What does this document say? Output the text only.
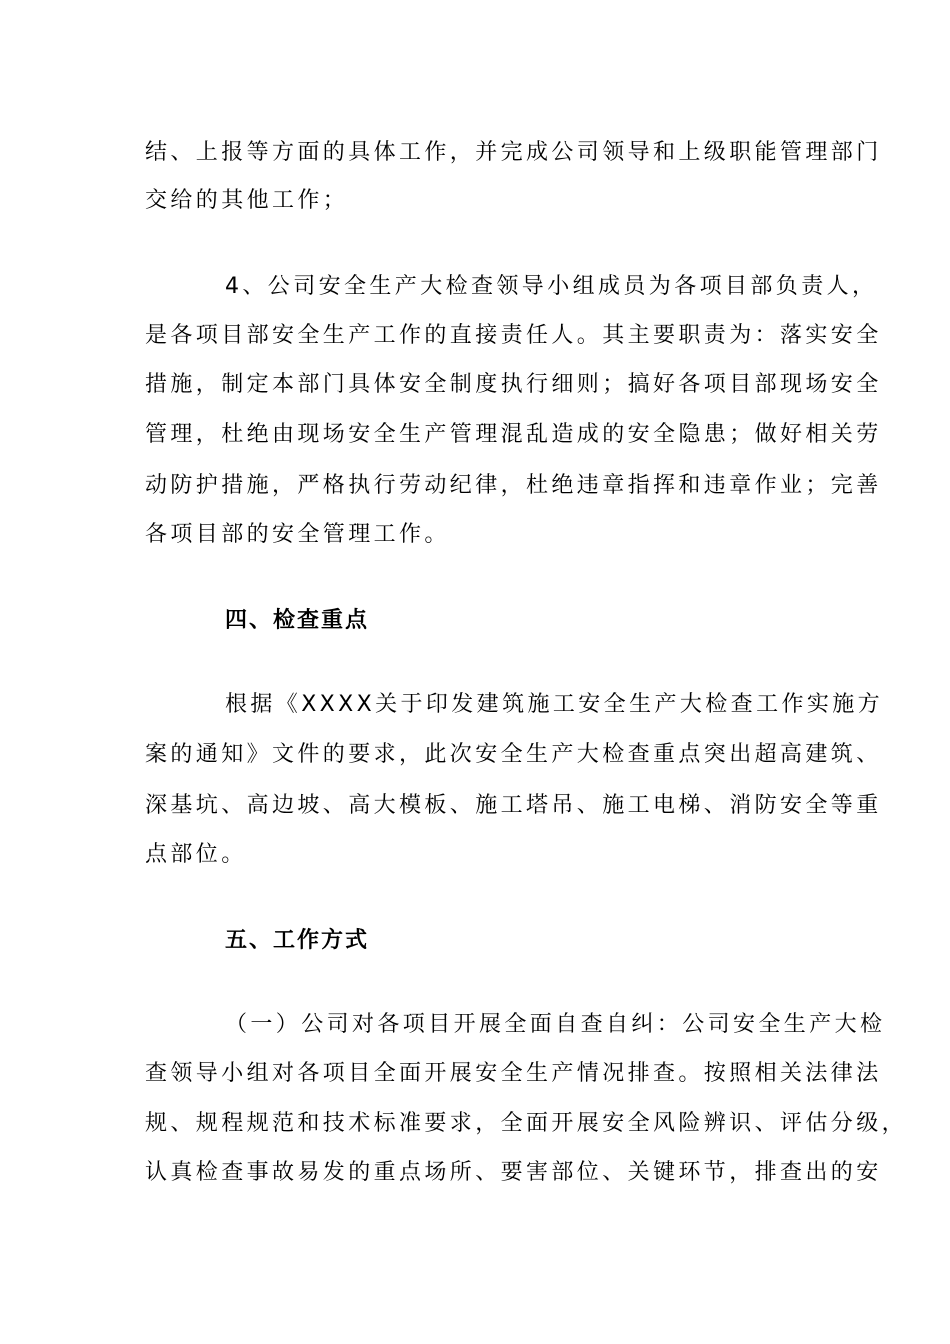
结、上报等方面的具体工作，并完成公司领导和上级职能管理部门
交给的其他工作；
4、公司安全生产大检查领导小组成员为各项目部负责人，
是各项目部安全生产工作的直接责任人。其主要职责为：落实安全
措施，制定本部门具体安全制度执行细则；搞好各项目部现场安全
管理，杜绝由现场安全生产管理混乱造成的安全隐患；做好相关劳
动防护措施，严格执行劳动纪律，杜绝违章指挥和违章作业；完善
各项目部的安全管理工作。
四、检查重点
根据《XXXX关于印发建筑施工安全生产大检查工作实施方
案的通知》文件的要求，此次安全生产大检查重点突出超高建筑、
深基坑、高边坡、高大模板、施工塔吊、施工电梯、消防安全等重
点部位。
五、工作方式
（一）公司对各项目开展全面自查自纠：公司安全生产大检
查领导小组对各项目全面开展安全生产情况排查。按照相关法律法
规、规程规范和技术标准要求，全面开展安全风险辨识、评估分级，
认真检查事故易发的重点场所、要害部位、关键环节，排查出的安
